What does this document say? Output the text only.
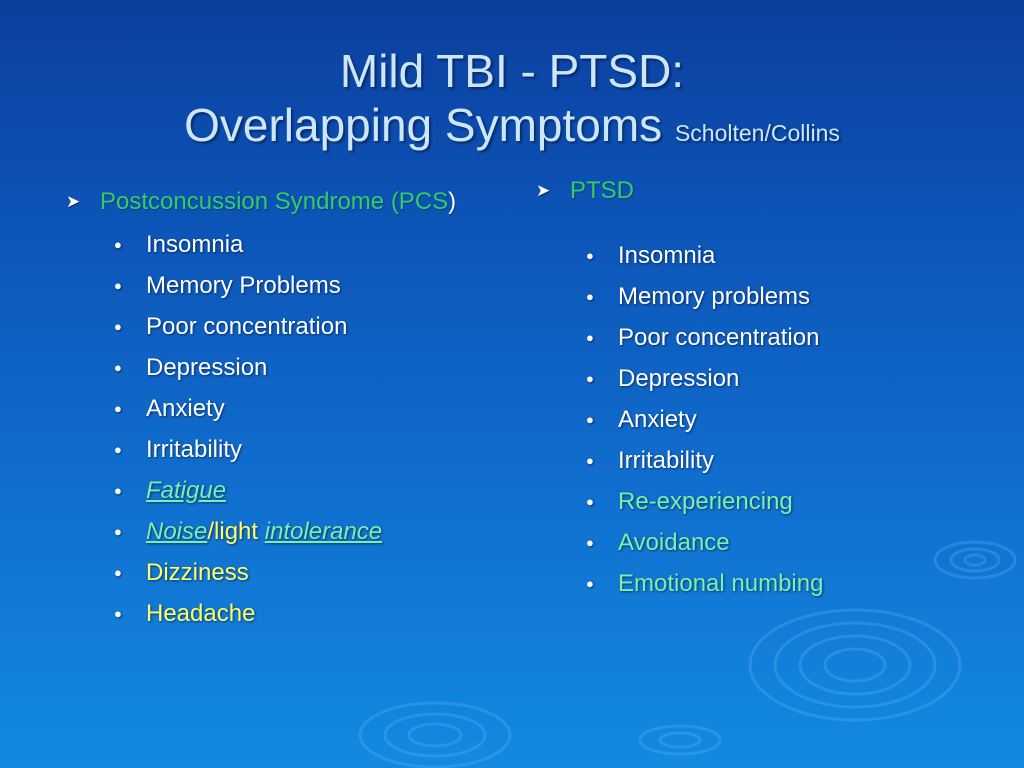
Mild TBI - PTSD:
Overlapping Symptoms Scholten/Collins
➤ Postconcussion Syndrome (PCS)
●	Insomnia
●	Memory Problems
●	Poor concentration
●	Depression
●	Anxiety
●	Irritability
●	Fatigue
●	Noise/light intolerance
●	Dizziness
●	Headache
➤ PTSD
●	Insomnia
●	Memory problems
●	Poor concentration
●	Depression
●	Anxiety
●	Irritability
●	Re-experiencing
●	Avoidance
●	Emotional numbing
